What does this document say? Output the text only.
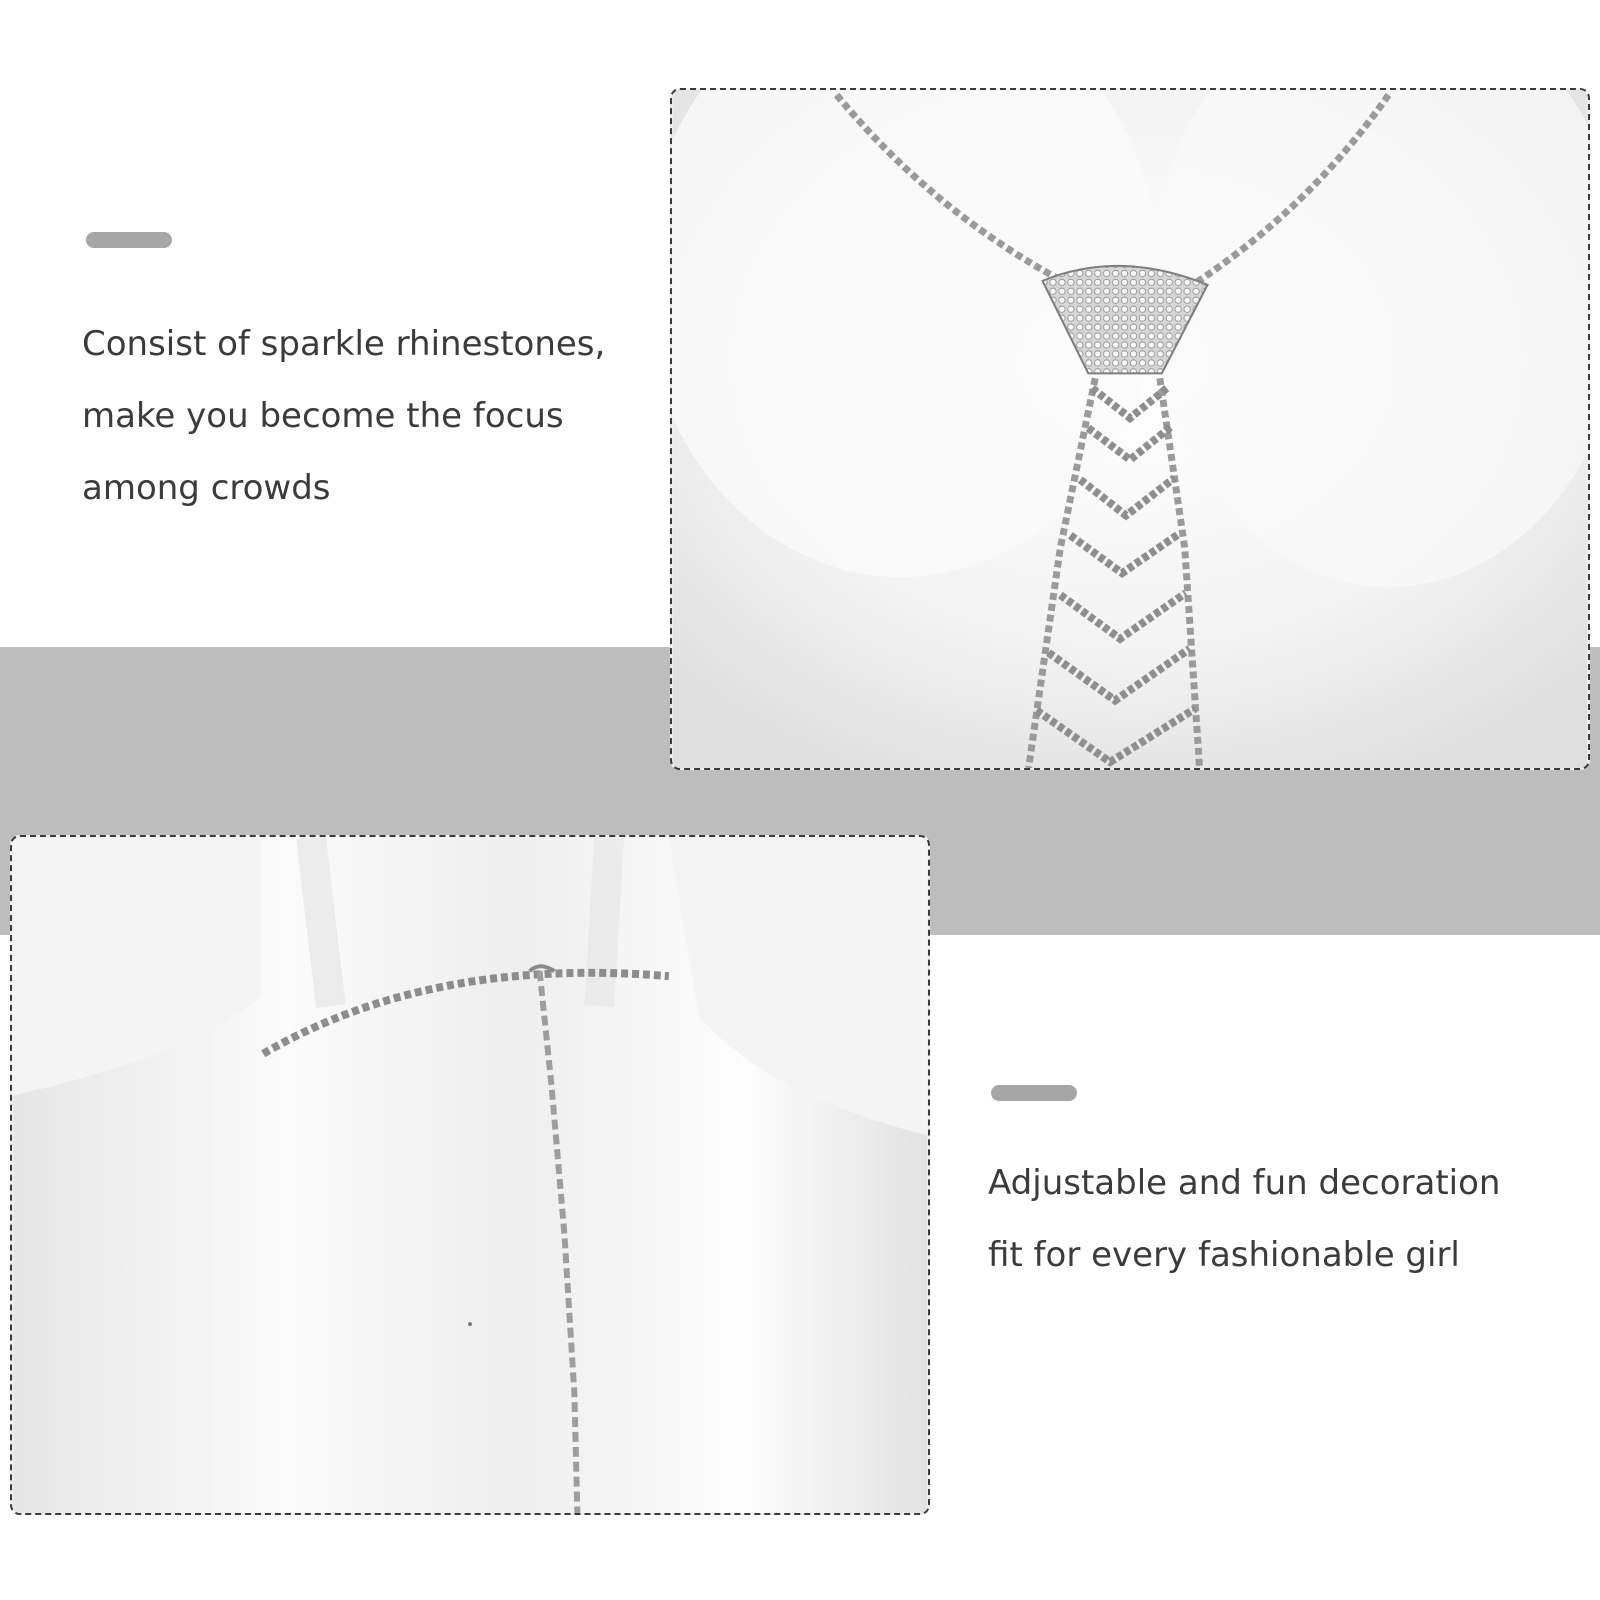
Consist of sparkle rhinestones,
make you become the focus
among crowds

Adjustable and fun decoration
fit for every fashionable girl
